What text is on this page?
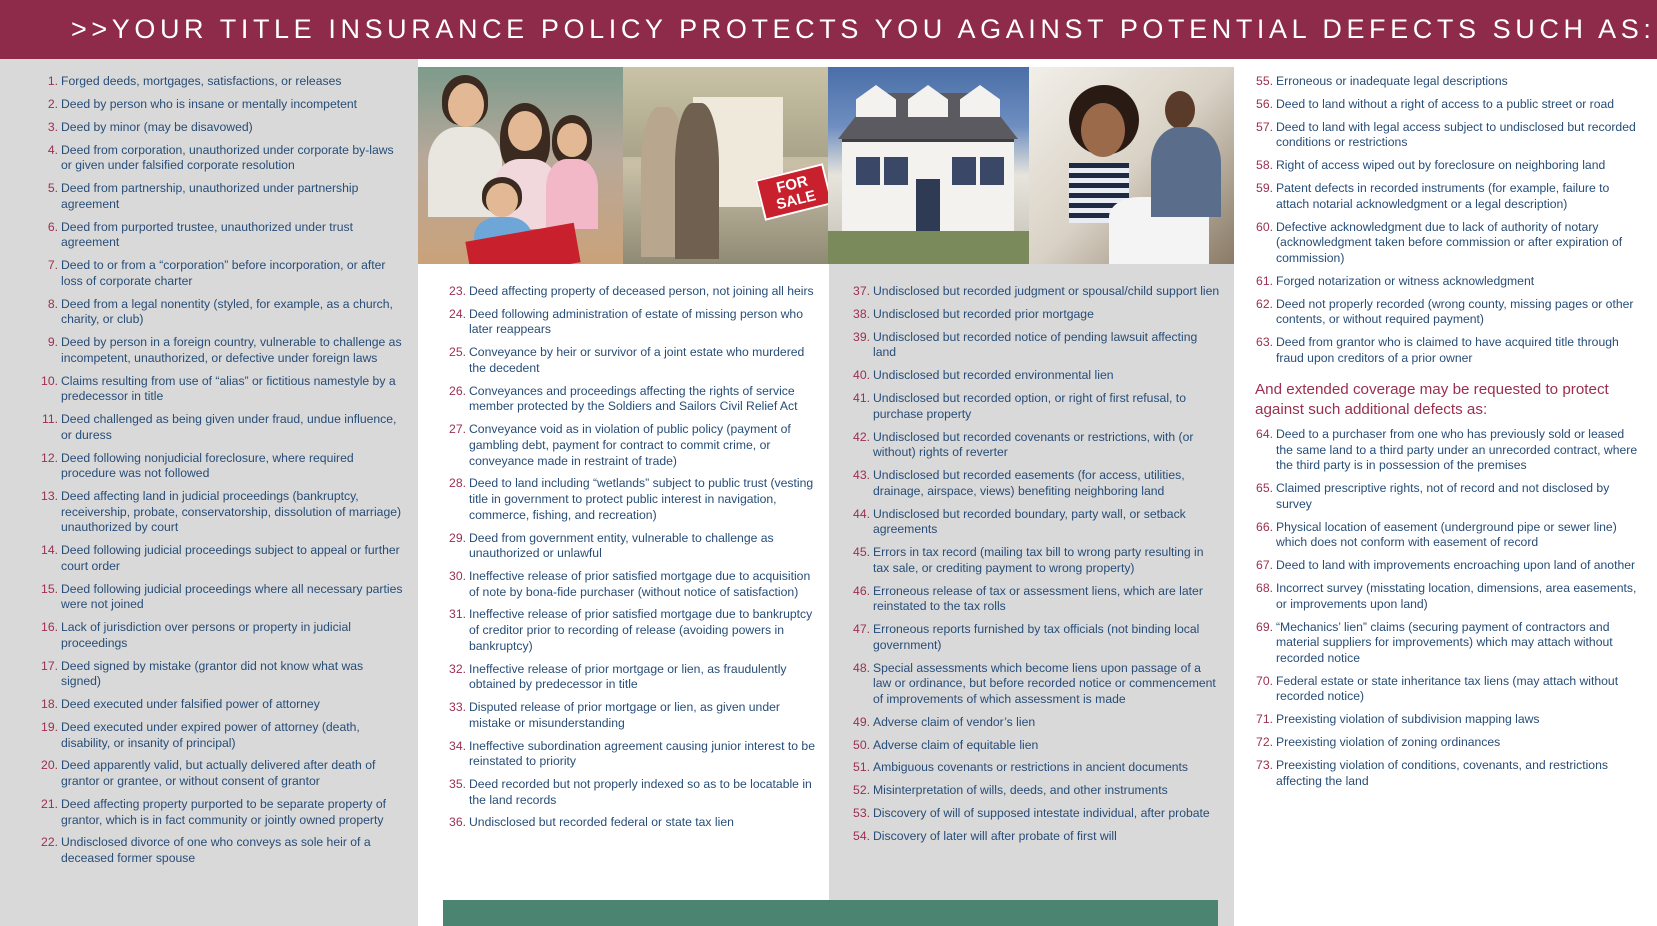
>>YOUR TITLE INSURANCE POLICY PROTECTS YOU AGAINST POTENTIAL DEFECTS SUCH AS:
FOR SALE
1. Forged deeds, mortgages, satisfactions, or releases
2. Deed by person who is insane or mentally incompetent
3. Deed by minor (may be disavowed)
4. Deed from corporation, unauthorized under corporate by-laws or given under falsified corporate resolution
5. Deed from partnership, unauthorized under partnership agreement
6. Deed from purported trustee, unauthorized under trust agreement
7. Deed to or from a “corporation” before incorporation, or after loss of corporate charter
8. Deed from a legal nonentity (styled, for example, as a church, charity, or club)
9. Deed by person in a foreign country, vulnerable to challenge as incompetent, unauthorized, or defective under foreign laws
10. Claims resulting from use of “alias” or fictitious namestyle by a predecessor in title
11. Deed challenged as being given under fraud, undue influence, or duress
12. Deed following nonjudicial foreclosure, where required procedure was not followed
13. Deed affecting land in judicial proceedings (bankruptcy, receivership, probate, conservatorship, dissolution of marriage) unauthorized by court
14. Deed following judicial proceedings subject to appeal or further court order
15. Deed following judicial proceedings where all necessary parties were not joined
16. Lack of jurisdiction over persons or property in judicial proceedings
17. Deed signed by mistake (grantor did not know what was signed)
18. Deed executed under falsified power of attorney
19. Deed executed under expired power of attorney (death, disability, or insanity of principal)
20. Deed apparently valid, but actually delivered after death of grantor or grantee, or without consent of grantor
21. Deed affecting property purported to be separate property of grantor, which is in fact community or jointly owned property
22. Undisclosed divorce of one who conveys as sole heir of a deceased former spouse
23. Deed affecting property of deceased person, not joining all heirs
24. Deed following administration of estate of missing person who later reappears
25. Conveyance by heir or survivor of a joint estate who murdered the decedent
26. Conveyances and proceedings affecting the rights of service member protected by the Soldiers and Sailors Civil Relief Act
27. Conveyance void as in violation of public policy (payment of gambling debt, payment for contract to commit crime, or conveyance made in restraint of trade)
28. Deed to land including “wetlands” subject to public trust (vesting title in government to protect public interest in navigation, commerce, fishing, and recreation)
29. Deed from government entity, vulnerable to challenge as unauthorized or unlawful
30. Ineffective release of prior satisfied mortgage due to acquisition of note by bona-fide purchaser (without notice of satisfaction)
31. Ineffective release of prior satisfied mortgage due to bankruptcy of creditor prior to recording of release (avoiding powers in bankruptcy)
32. Ineffective release of prior mortgage or lien, as fraudulently obtained by predecessor in title
33. Disputed release of prior mortgage or lien, as given under mistake or misunderstanding
34. Ineffective subordination agreement causing junior interest to be reinstated to priority
35. Deed recorded but not properly indexed so as to be locatable in the land records
36. Undisclosed but recorded federal or state tax lien
37. Undisclosed but recorded judgment or spousal/child support lien
38. Undisclosed but recorded prior mortgage
39. Undisclosed but recorded notice of pending lawsuit affecting land
40. Undisclosed but recorded environmental lien
41. Undisclosed but recorded option, or right of first refusal, to purchase property
42. Undisclosed but recorded covenants or restrictions, with (or without) rights of reverter
43. Undisclosed but recorded easements (for access, utilities, drainage, airspace, views) benefiting neighboring land
44. Undisclosed but recorded boundary, party wall, or setback agreements
45. Errors in tax record (mailing tax bill to wrong party resulting in tax sale, or crediting payment to wrong property)
46. Erroneous release of tax or assessment liens, which are later reinstated to the tax rolls
47. Erroneous reports furnished by tax officials (not binding local government)
48. Special assessments which become liens upon passage of a law or ordinance, but before recorded notice or commencement of improvements of which assessment is made
49. Adverse claim of vendor’s lien
50. Adverse claim of equitable lien
51. Ambiguous covenants or restrictions in ancient documents
52. Misinterpretation of wills, deeds, and other instruments
53. Discovery of will of supposed intestate individual, after probate
54. Discovery of later will after probate of first will
55. Erroneous or inadequate legal descriptions
56. Deed to land without a right of access to a public street or road
57. Deed to land with legal access subject to undisclosed but recorded conditions or restrictions
58. Right of access wiped out by foreclosure on neighboring land
59. Patent defects in recorded instruments (for example, failure to attach notarial acknowledgment or a legal description)
60. Defective acknowledgment due to lack of authority of notary (acknowledgment taken before commission or after expiration of commission)
61. Forged notarization or witness acknowledgment
62. Deed not properly recorded (wrong county, missing pages or other contents, or without required payment)
63. Deed from grantor who is claimed to have acquired title through fraud upon creditors of a prior owner
And extended coverage may be requested to protect against such additional defects as:
64. Deed to a purchaser from one who has previously sold or leased the same land to a third party under an unrecorded contract, where the third party is in possession of the premises
65. Claimed prescriptive rights, not of record and not disclosed by survey
66. Physical location of easement (underground pipe or sewer line) which does not conform with easement of record
67. Deed to land with improvements encroaching upon land of another
68. Incorrect survey (misstating location, dimensions, area easements, or improvements upon land)
69. “Mechanics’ lien” claims (securing payment of contractors and material suppliers for improvements) which may attach without recorded notice
70. Federal estate or state inheritance tax liens (may attach without recorded notice)
71. Preexisting violation of subdivision mapping laws
72. Preexisting violation of zoning ordinances
73. Preexisting violation of conditions, covenants, and restrictions affecting the land
